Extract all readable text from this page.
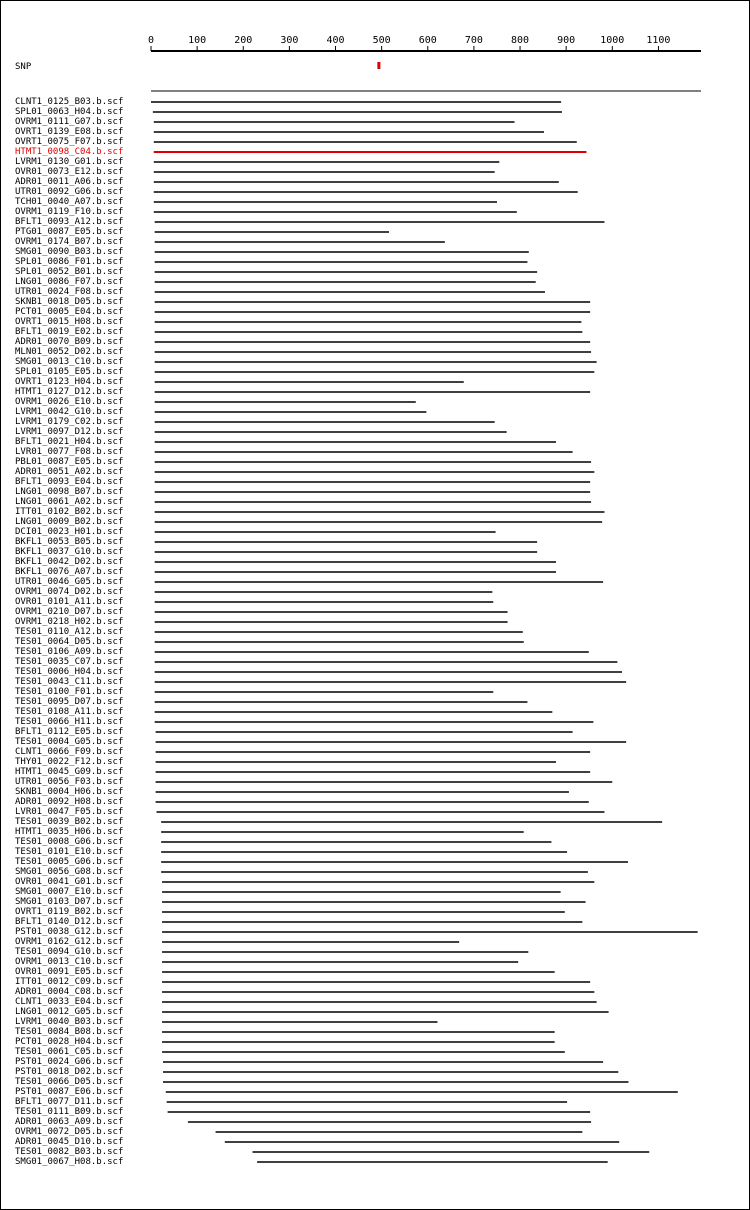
0	100	200	300	400	500	600	700	800	900	1000 1100
SNP
CLNT1_0125_B03.b.scf
SPL01_0063_H04.b.scf
OVRM1_0111_G07.b.scf
OVRT1_0139_E08.b.scf
OVRT1_0075_F07.b.scf
HTMT1_0098_C04.b.scf
LVRM1_0130_G01.b.scf
OVR01_0073_E12.b.scf
ADR01_0011_A06.b.scf
UTR01_0092_G06.b.scf
TCH01_0040_A07.b.scf
OVRM1_0119_F10.b.scf
BFLT1_0093_A12.b.scf
PTG01_0087_E05.b.scf
OVRM1_0174_B07.b.scf
SMG01_0090_B03.b.scf
SPL01_0086_F01.b.scf
SPL01_0052_B01.b.scf
LNG01_0086_F07.b.scf
UTR01_0024_F08.b.scf
SKNB1_0018_D05.b.scf
PCT01_0005_E04.b.scf
OVRT1_0015_H08.b.scf
BFLT1_0019_E02.b.scf
ADR01_0070_B09.b.scf
MLN01_0052_D02.b.scf
SMG01_0013_C10.b.scf
SPL01_0105_E05.b.scf
OVRT1_0123_H04.b.scf
HTMT1_0127_D12.b.scf
OVRM1_0026_E10.b.scf
LVRM1_0042_G10.b.scf
LVRM1_0179_C02.b.scf
LVRM1_0097_D12.b.scf
BFLT1_0021_H04.b.scf
LVR01_0077_F08.b.scf
PBL01_0087_E05.b.scf
ADR01_0051_A02.b.scf
BFLT1_0093_E04.b.scf
LNG01_0098_B07.b.scf
LNG01_0061_A02.b.scf
ITT01_0102_B02.b.scf
LNG01_0009_B02.b.scf
DCI01_0023_H01.b.scf
BKFL1_0053_B05.b.scf
BKFL1_0037_G10.b.scf
BKFL1_0042_D02.b.scf
BKFL1_0076_A07.b.scf
UTR01_0046_G05.b.scf
OVRM1_0074_D02.b.scf
OVR01_0101_A11.b.scf
OVRM1_0210_D07.b.scf
OVRM1_0218_H02.b.scf
TES01_0110_A12.b.scf
TES01_0064_D05.b.scf
TES01_0106_A09.b.scf
TES01_0035_C07.b.scf
TES01_0006_H04.b.scf
TES01_0043_C11.b.scf
TES01_0100_F01.b.scf
TES01_0095_D07.b.scf
TES01_0108_A11.b.scf
TES01_0066_H11.b.scf
BFLT1_0112_E05.b.scf
TES01_0004_G05.b.scf
CLNT1_0066_F09.b.scf
THY01_0022_F12.b.scf
HTMT1_0045_G09.b.scf
UTR01_0056_F03.b.scf
SKNB1_0004_H06.b.scf
ADR01_0092_H08.b.scf
LVR01_0047_F05.b.scf
TES01_0039_B02.b.scf
HTMT1_0035_H06.b.scf
TES01_0008_G06.b.scf
TES01_0101_E10.b.scf
TES01_0005_G06.b.scf
SMG01_0056_G08.b.scf
OVR01_0041_G01.b.scf
SMG01_0007_E10.b.scf
SMG01_0103_D07.b.scf
OVRT1_0119_B02.b.scf
BFLT1_0140_D12.b.scf
PST01_0038_G12.b.scf
OVRM1_0162_G12.b.scf
TES01_0094_G10.b.scf
OVRM1_0013_C10.b.scf
OVR01_0091_E05.b.scf
ITT01_0012_C09.b.scf
ADR01_0004_C08.b.scf
CLNT1_0033_E04.b.scf
LNG01_0012_G05.b.scf
LVRM1_0040_B03.b.scf
TES01_0084_B08.b.scf
PCT01_0028_H04.b.scf
TES01_0061_C05.b.scf
PST01_0024_G06.b.scf
PST01_0018_D02.b.scf
TES01_0066_D05.b.scf
PST01_0087_E06.b.scf
BFLT1_0077_D11.b.scf
TES01_0111_B09.b.scf
ADR01_0063_A09.b.scf
OVRM1_0072_D05.b.scf
ADR01_0045_D10.b.scf
TES01_0082_B03.b.scf
SMG01_0067_H08.b.scf
